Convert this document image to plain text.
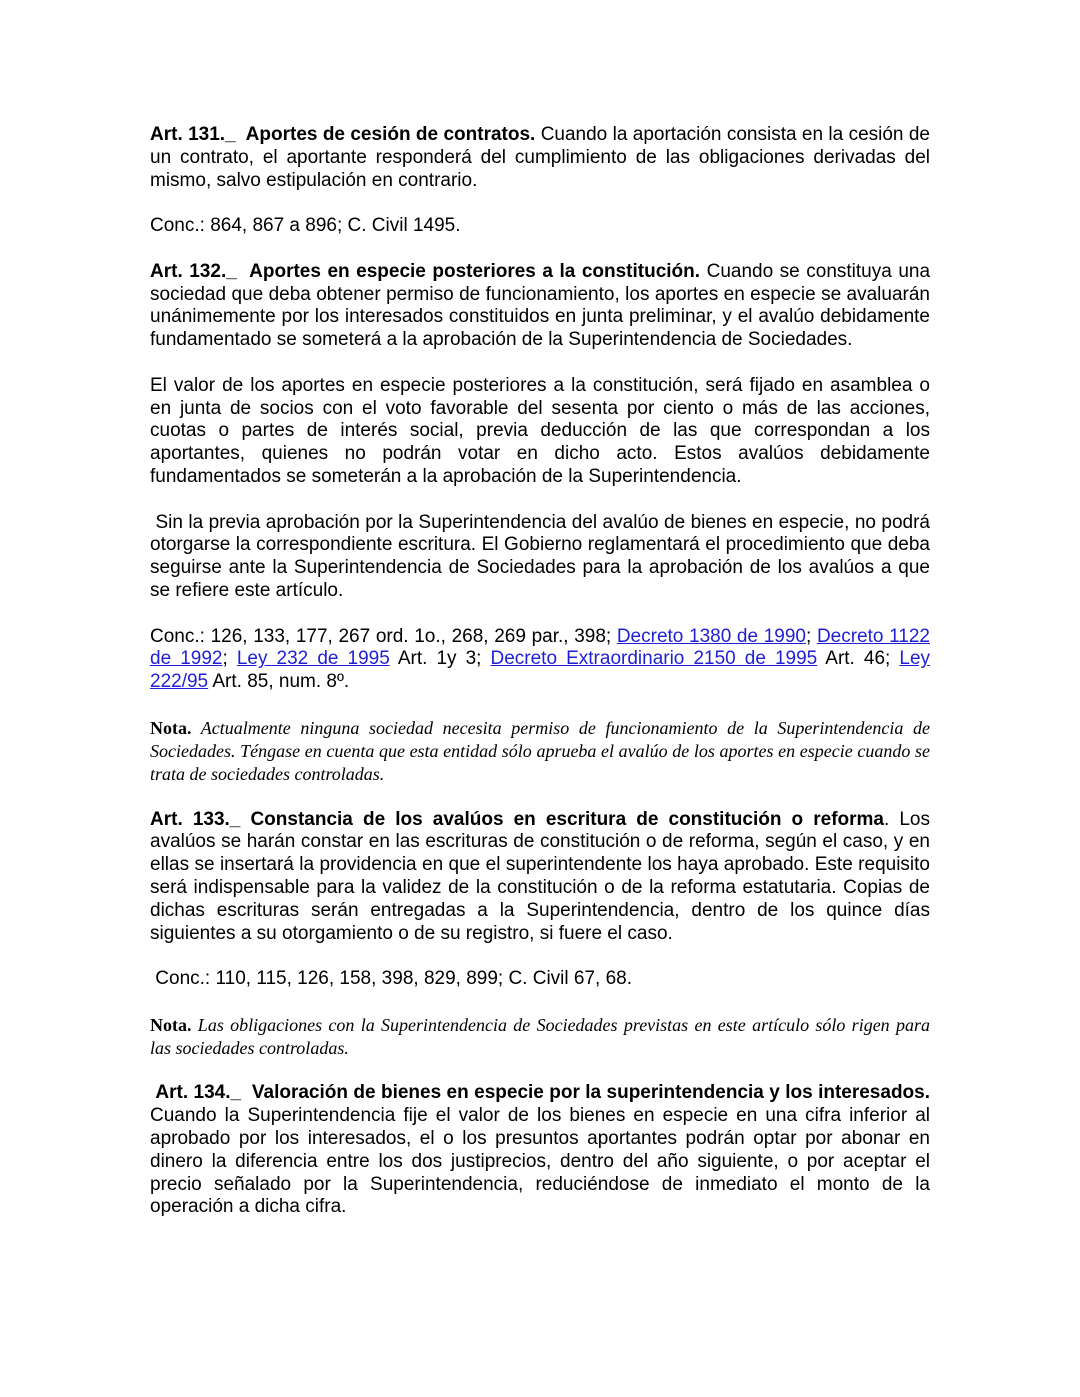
Art. 131._ Aportes de cesión de contratos. Cuando la aportación consista en la cesión de un contrato, el aportante responderá del cumplimiento de las obligaciones derivadas del mismo, salvo estipulación en contrario.

Conc.: 864, 867 a 896; C. Civil 1495.

Art. 132._ Aportes en especie posteriores a la constitución. Cuando se constituya una sociedad que deba obtener permiso de funcionamiento, los aportes en especie se avaluarán unánimemente por los interesados constituidos en junta preliminar, y el avalúo debidamente fundamentado se someterá a la aprobación de la Superintendencia de Sociedades.

El valor de los aportes en especie posteriores a la constitución, será fijado en asamblea o en junta de socios con el voto favorable del sesenta por ciento o más de las acciones, cuotas o partes de interés social, previa deducción de las que correspondan a los aportantes, quienes no podrán votar en dicho acto. Estos avalúos debidamente fundamentados se someterán a la aprobación de la Superintendencia.

Sin la previa aprobación por la Superintendencia del avalúo de bienes en especie, no podrá otorgarse la correspondiente escritura. El Gobierno reglamentará el procedimiento que deba seguirse ante la Superintendencia de Sociedades para la aprobación de los avalúos a que se refiere este artículo.

Conc.: 126, 133, 177, 267 ord. 1o., 268, 269 par., 398; Decreto 1380 de 1990; Decreto 1122 de 1992; Ley 232 de 1995 Art. 1y 3; Decreto Extraordinario 2150 de 1995 Art. 46; Ley 222/95 Art. 85, num. 8º.

Nota. Actualmente ninguna sociedad necesita permiso de funcionamiento de la Superintendencia de Sociedades. Téngase en cuenta que esta entidad sólo aprueba el avalúo de los aportes en especie cuando se trata de sociedades controladas.

Art. 133._ Constancia de los avalúos en escritura de constitución o reforma. Los avalúos se harán constar en las escrituras de constitución o de reforma, según el caso, y en ellas se insertará la providencia en que el superintendente los haya aprobado. Este requisito será indispensable para la validez de la constitución o de la reforma estatutaria. Copias de dichas escrituras serán entregadas a la Superintendencia, dentro de los quince días siguientes a su otorgamiento o de su registro, si fuere el caso.

Conc.: 110, 115, 126, 158, 398, 829, 899; C. Civil 67, 68.

Nota. Las obligaciones con la Superintendencia de Sociedades previstas en este artículo sólo rigen para las sociedades controladas.

Art. 134._ Valoración de bienes en especie por la superintendencia y los interesados. Cuando la Superintendencia fije el valor de los bienes en especie en una cifra inferior al aprobado por los interesados, el o los presuntos aportantes podrán optar por abonar en dinero la diferencia entre los dos justiprecios, dentro del año siguiente, o por aceptar el precio señalado por la Superintendencia, reduciéndose de inmediato el monto de la operación a dicha cifra.
